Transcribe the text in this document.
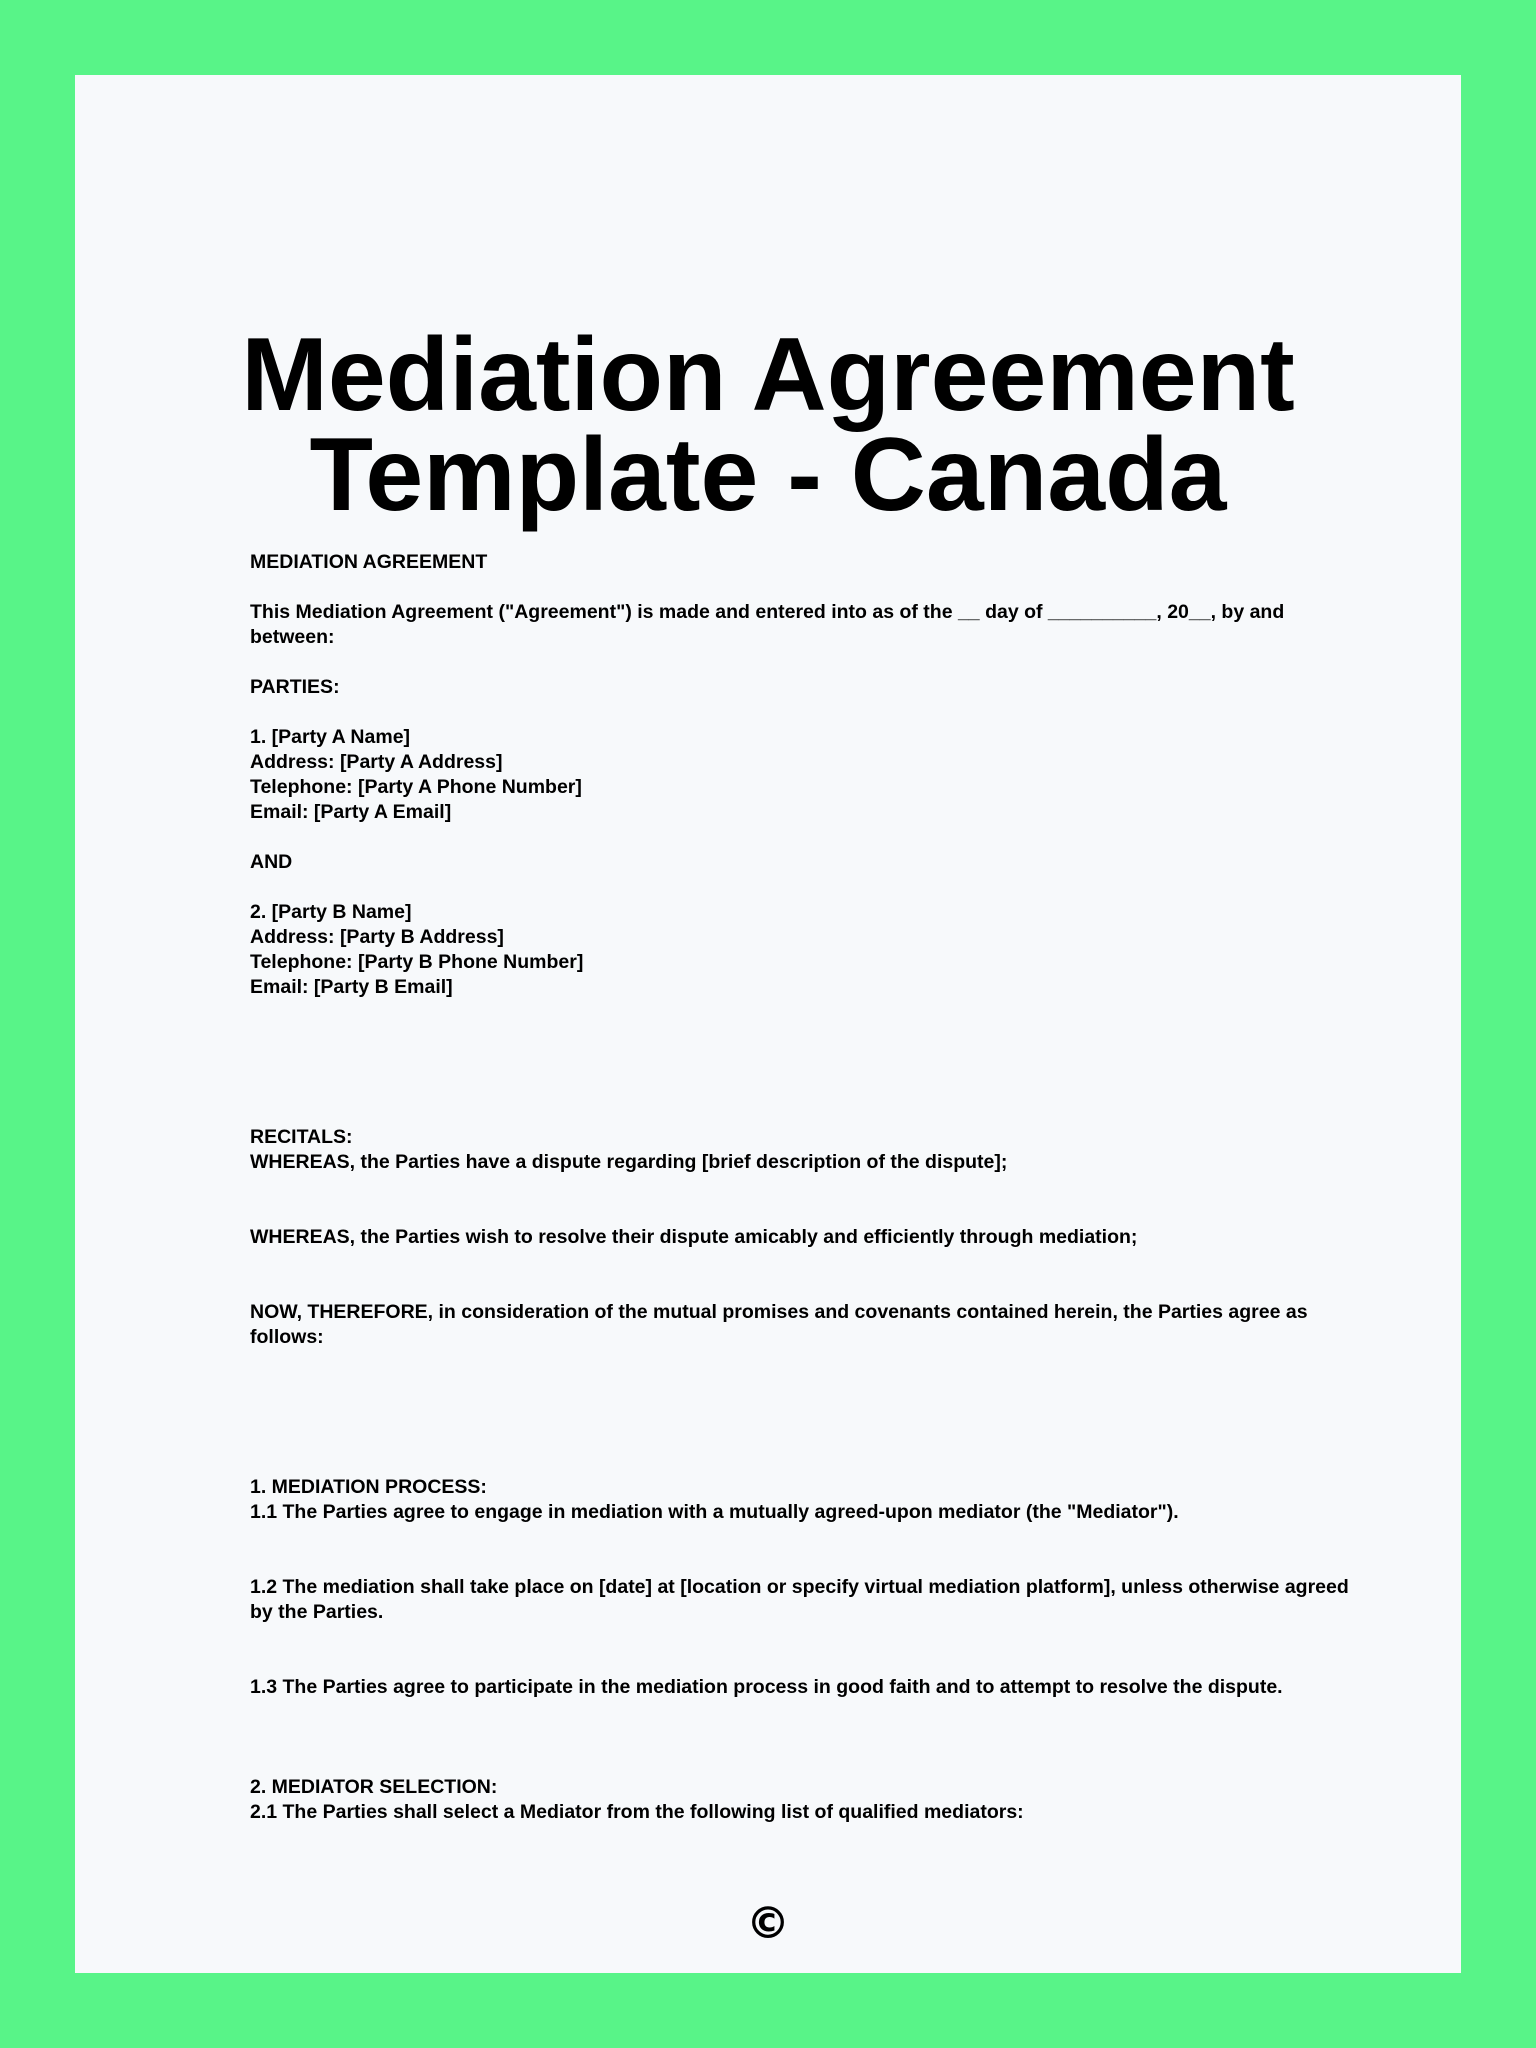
Mediation Agreement
Template - Canada

MEDIATION AGREEMENT

This Mediation Agreement ("Agreement") is made and entered into as of the __ day of __________, 20__, by and between:

PARTIES:

1. [Party A Name]

Address: [Party A Address]

Telephone: [Party A Phone Number]

Email: [Party A Email]

AND

2. [Party B Name]

Address: [Party B Address]

Telephone: [Party B Phone Number]

Email: [Party B Email]

RECITALS:

WHEREAS, the Parties have a dispute regarding [brief description of the dispute];

WHEREAS, the Parties wish to resolve their dispute amicably and efficiently through mediation;

NOW, THEREFORE, in consideration of the mutual promises and covenants contained herein, the Parties agree as follows:

1. MEDIATION PROCESS:

1.1 The Parties agree to engage in mediation with a mutually agreed-upon mediator (the "Mediator").

1.2 The mediation shall take place on [date] at [location or specify virtual mediation platform], unless otherwise agreed by the Parties.

1.3 The Parties agree to participate in the mediation process in good faith and to attempt to resolve the dispute.

2. MEDIATOR SELECTION:

2.1 The Parties shall select a Mediator from the following list of qualified mediators:

©
